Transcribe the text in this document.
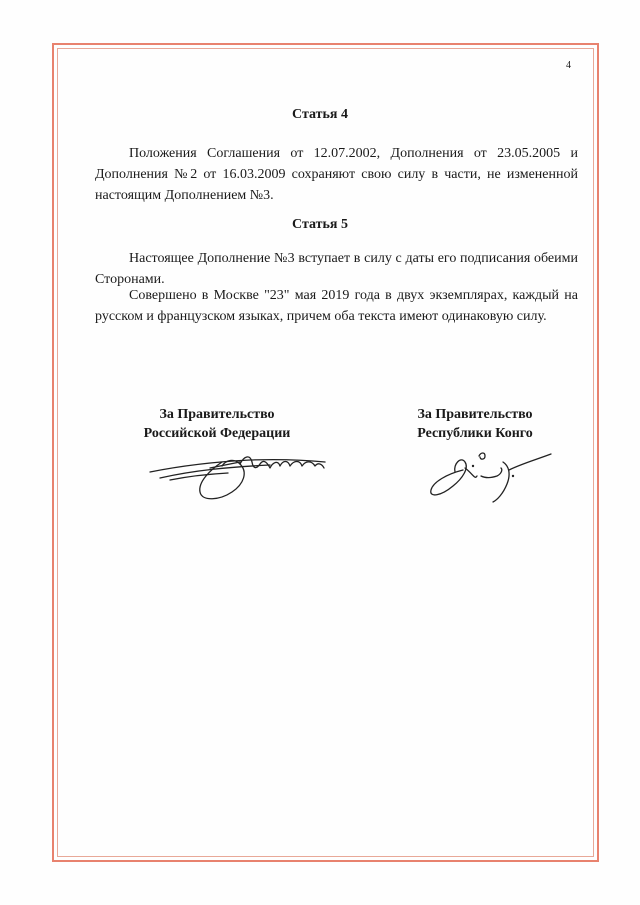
4
Статья 4

Положения Соглашения от 12.07.2002, Дополнения от 23.05.2005 и Дополнения №2 от 16.03.2009 сохраняют свою силу в части, не измененной настоящим Дополнением №3.

Статья 5

Настоящее Дополнение №3 вступает в силу с даты его подписания обеими Сторонами.

Совершено в Москве "23" мая 2019 года в двух экземплярах, каждый на русском и французском языках, причем оба текста имеют одинаковую силу.

За Правительство
Российской Федерации
За Правительство
Республики Конго
